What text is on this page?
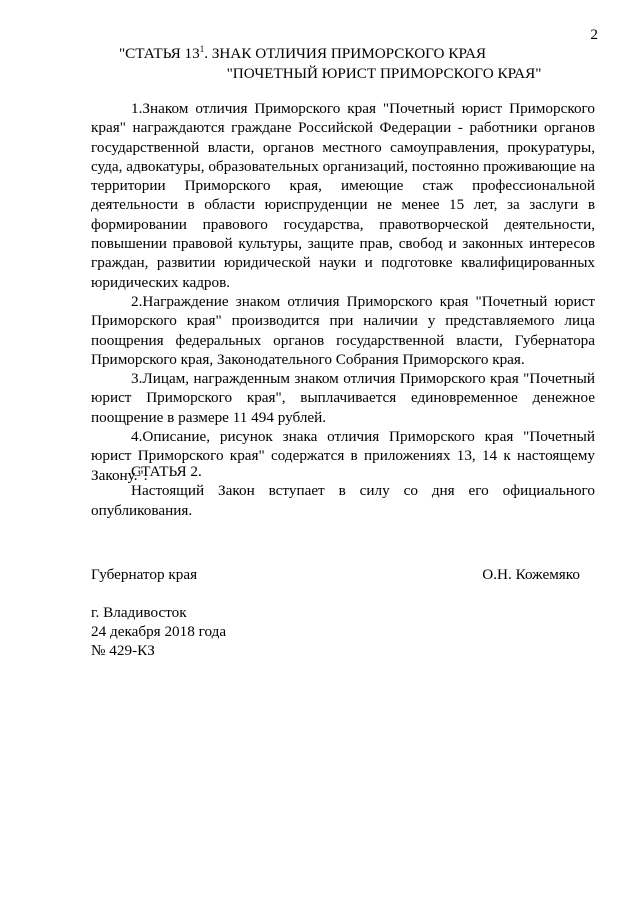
2
"СТАТЬЯ $13^1$. ЗНАК ОТЛИЧИЯ ПРИМОРСКОГО КРАЯ
"ПОЧЕТНЫЙ ЮРИСТ ПРИМОРСКОГО КРАЯ"

1.Знаком отличия Приморского края "Почетный юрист Приморского края" награждаются граждане Российской Федерации - работники органов государственной власти, органов местного самоуправления, прокуратуры, суда, адвокатуры, образовательных организаций, постоянно проживающие на территории Приморского края, имеющие стаж профессиональной деятельности в области юриспруденции не менее 15 лет, за заслуги в формировании правового государства, правотворческой деятельности, повышении правовой культуры, защите прав, свобод и законных интересов граждан, развитии юридической науки и подготовке квалифицированных юридических кадров.

2.Награждение знаком отличия Приморского края "Почетный юрист Приморского края" производится при наличии у представляемого лица поощрения федеральных органов государственной власти, Губернатора Приморского края, Законодательного Собрания Приморского края.

3.Лицам, награжденным знаком отличия Приморского края "Почетный юрист Приморского края", выплачивается единовременное денежное поощрение в размере 11 494 рублей.

4.Описание, рисунок знака отличия Приморского края "Почетный юрист Приморского края" содержатся в приложениях 13, 14 к настоящему Закону.".

СТАТЬЯ 2.

Настоящий Закон вступает в силу со дня его официального опубликования.

Губернатор края	О.Н. Кожемяко
г. Владивосток
24 декабря 2018 года
№ 429-КЗ
